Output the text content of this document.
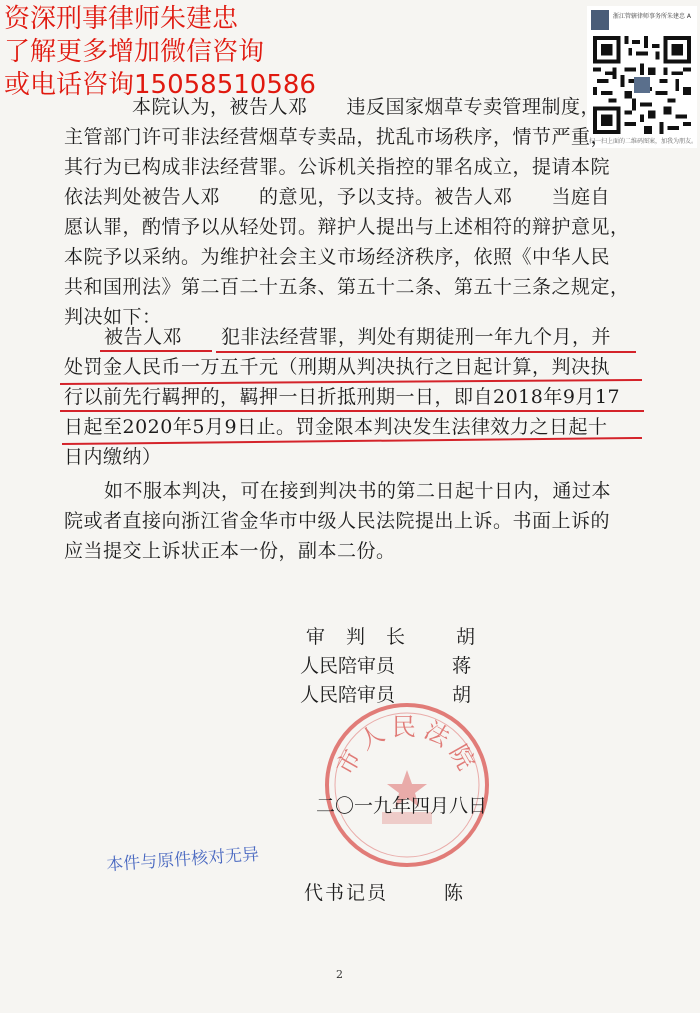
资深刑事律师朱建忠
了解更多增加微信咨询
或电话咨询15058510586
浙江管辖律师事务所朱建忠 A
扫一扫上面的二维码图案，加我为朋友。
本院认为，被告人邓　　违反国家烟草专卖管理制度，
主管部门许可非法经营烟草专卖品，扰乱市场秩序，情节严重，
其行为已构成非法经营罪。公诉机关指控的罪名成立，提请本院
依法判处被告人邓　　的意见，予以支持。被告人邓　　当庭自
愿认罪，酌情予以从轻处罚。辩护人提出与上述相符的辩护意见，
本院予以采纳。为维护社会主义市场经济秩序，依照《中华人民
共和国刑法》第二百二十五条、第五十二条、第五十三条之规定，
判决如下：
被告人邓　　犯非法经营罪，判处有期徒刑一年九个月，并
处罚金人民币一万五千元（刑期从判决执行之日起计算，判决执
行以前先行羁押的，羁押一日折抵刑期一日，即自2018年9月17
日起至2020年5月9日止。罚金限本判决发生法律效力之日起十
日内缴纳）
如不服本判决，可在接到判决书的第二日起十日内，通过本
院或者直接向浙江省金华市中级人民法院提出上诉。书面上诉的
应当提交上诉状正本一份，副本二份。
审　判　长	胡
人民陪审员	蒋
人民陪审员	胡
市人民法院
二〇一九年四月八日
本件与原件核对无异
代书记员	陈
2
